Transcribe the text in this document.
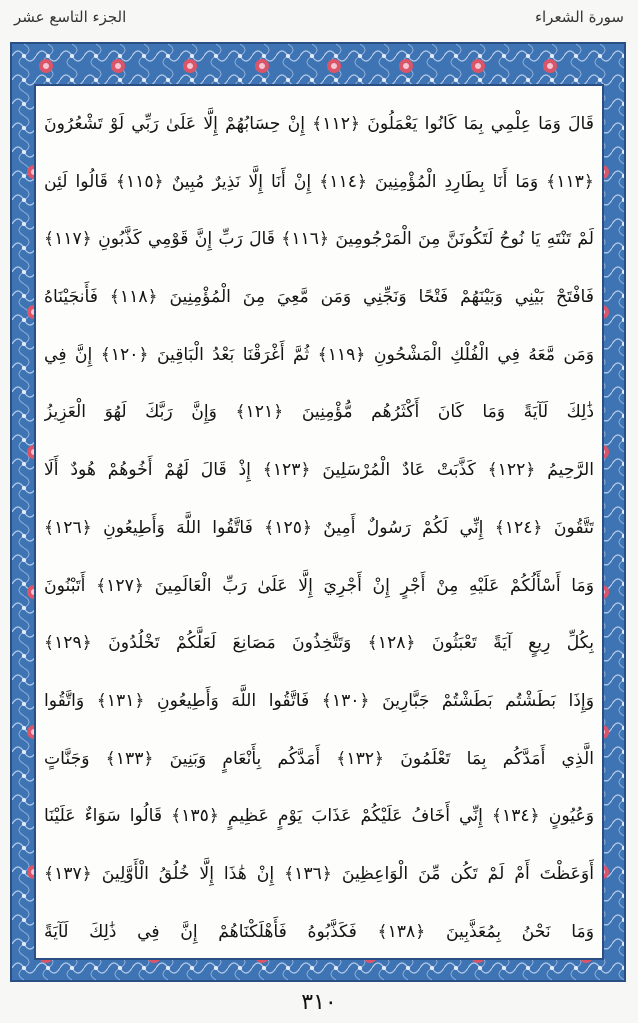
الجزء التاسع عشر	سورة الشعراء
قَالَ وَمَا عِلْمِي بِمَا كَانُوا يَعْمَلُونَ ﴿١١٢﴾ إِنْ حِسَابُهُمْ إِلَّا عَلَىٰ رَبِّي لَوْ تَشْعُرُونَ
﴿١١٣﴾ وَمَا أَنَا بِطَارِدِ الْمُؤْمِنِينَ ﴿١١٤﴾ إِنْ أَنَا إِلَّا نَذِيرٌ مُبِينٌ ﴿١١٥﴾ قَالُوا لَئِن
لَمْ تَنْتَهِ يَا نُوحُ لَتَكُونَنَّ مِنَ الْمَرْجُومِينَ ﴿١١٦﴾ قَالَ رَبِّ إِنَّ قَوْمِي كَذَّبُونِ ﴿١١٧﴾
فَافْتَحْ بَيْنِي وَبَيْنَهُمْ فَتْحًا وَنَجِّنِي وَمَن مَّعِيَ مِنَ الْمُؤْمِنِينَ ﴿١١٨﴾ فَأَنجَيْنَاهُ
وَمَن مَّعَهُ فِي الْفُلْكِ الْمَشْحُونِ ﴿١١٩﴾ ثُمَّ أَغْرَقْنَا بَعْدُ الْبَاقِينَ ﴿١٢٠﴾ إِنَّ فِي
ذَٰلِكَ لَآيَةً وَمَا كَانَ أَكْثَرُهُم مُّؤْمِنِينَ ﴿١٢١﴾ وَإِنَّ رَبَّكَ لَهُوَ الْعَزِيزُ
الرَّحِيمُ ﴿١٢٢﴾ كَذَّبَتْ عَادٌ الْمُرْسَلِينَ ﴿١٢٣﴾ إِذْ قَالَ لَهُمْ أَخُوهُمْ هُودٌ أَلَا
تَتَّقُونَ ﴿١٢٤﴾ إِنِّي لَكُمْ رَسُولٌ أَمِينٌ ﴿١٢٥﴾ فَاتَّقُوا اللَّهَ وَأَطِيعُونِ ﴿١٢٦﴾
وَمَا أَسْأَلُكُمْ عَلَيْهِ مِنْ أَجْرٍ إِنْ أَجْرِيَ إِلَّا عَلَىٰ رَبِّ الْعَالَمِينَ ﴿١٢٧﴾ أَتَبْنُونَ
بِكُلِّ رِيعٍ آيَةً تَعْبَثُونَ ﴿١٢٨﴾ وَتَتَّخِذُونَ مَصَانِعَ لَعَلَّكُمْ تَخْلُدُونَ ﴿١٢٩﴾
وَإِذَا بَطَشْتُم بَطَشْتُمْ جَبَّارِينَ ﴿١٣٠﴾ فَاتَّقُوا اللَّهَ وَأَطِيعُونِ ﴿١٣١﴾ وَاتَّقُوا
الَّذِي أَمَدَّكُم بِمَا تَعْلَمُونَ ﴿١٣٢﴾ أَمَدَّكُم بِأَنْعَامٍ وَبَنِينَ ﴿١٣٣﴾ وَجَنَّاتٍ
وَعُيُونٍ ﴿١٣٤﴾ إِنِّي أَخَافُ عَلَيْكُمْ عَذَابَ يَوْمٍ عَظِيمٍ ﴿١٣٥﴾ قَالُوا سَوَاءٌ عَلَيْنَا
أَوَعَظْتَ أَمْ لَمْ تَكُن مِّنَ الْوَاعِظِينَ ﴿١٣٦﴾ إِنْ هَٰذَا إِلَّا خُلُقُ الْأَوَّلِينَ ﴿١٣٧﴾
وَمَا نَحْنُ بِمُعَذَّبِينَ ﴿١٣٨﴾ فَكَذَّبُوهُ فَأَهْلَكْنَاهُمْ إِنَّ فِي ذَٰلِكَ لَآيَةً
٣١٠
